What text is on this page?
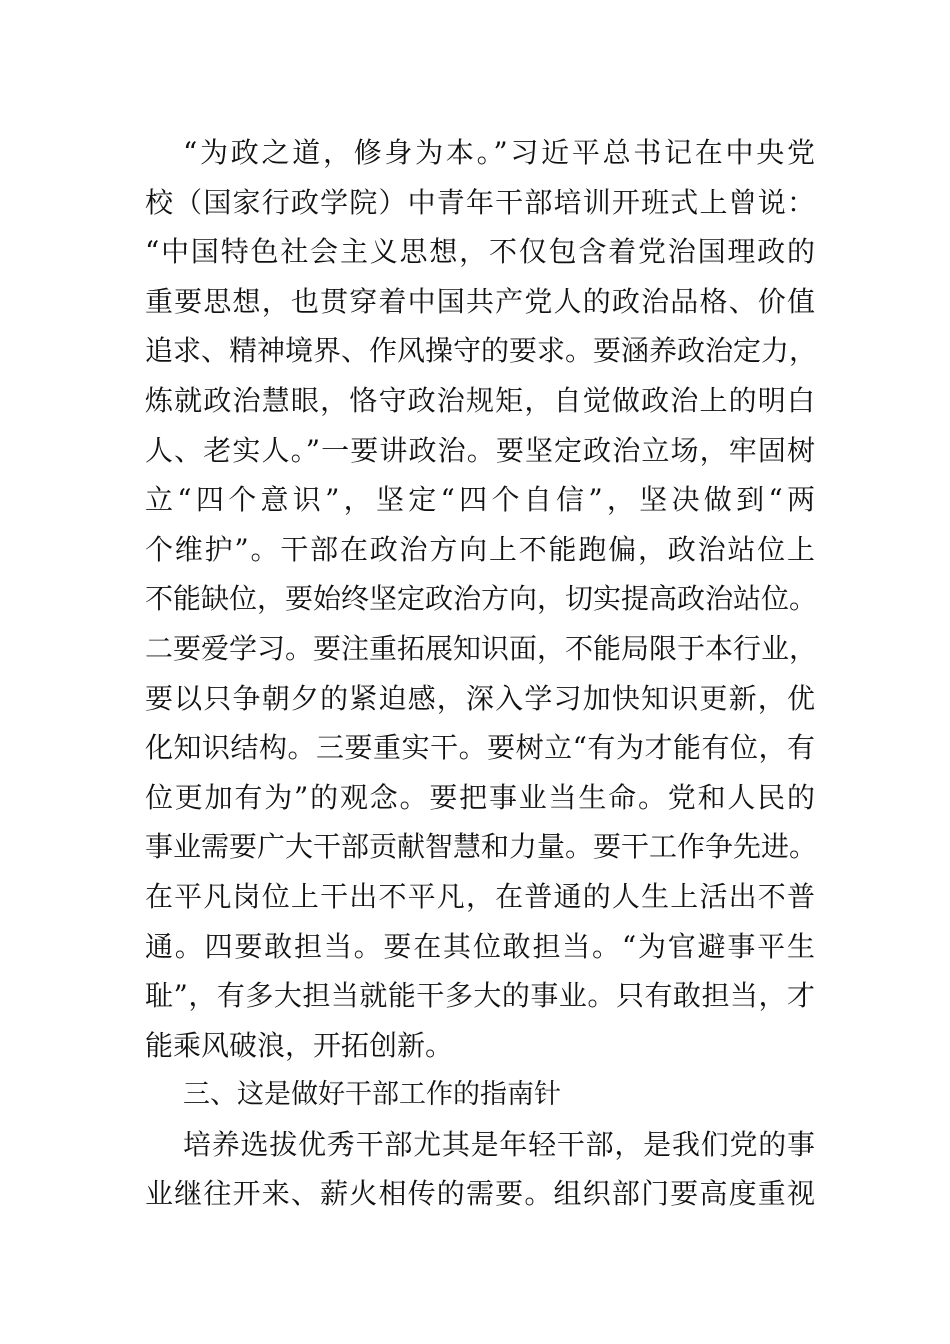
“为政之道，修身为本。”习近平总书记在中央党
校（国家行政学院）中青年干部培训开班式上曾说：
“中国特色社会主义思想，不仅包含着党治国理政的
重要思想，也贯穿着中国共产党人的政治品格、价值
追求、精神境界、作风操守的要求。要涵养政治定力，
炼就政治慧眼，恪守政治规矩，自觉做政治上的明白
人、老实人。”一要讲政治。要坚定政治立场，牢固树
立“四个意识”，坚定“四个自信”，坚决做到“两
个维护”。干部在政治方向上不能跑偏，政治站位上
不能缺位，要始终坚定政治方向，切实提高政治站位。
二要爱学习。要注重拓展知识面，不能局限于本行业，
要以只争朝夕的紧迫感，深入学习加快知识更新，优
化知识结构。三要重实干。要树立“有为才能有位，有
位更加有为”的观念。要把事业当生命。党和人民的
事业需要广大干部贡献智慧和力量。要干工作争先进。
在平凡岗位上干出不平凡，在普通的人生上活出不普
通。四要敢担当。要在其位敢担当。“为官避事平生
耻”，有多大担当就能干多大的事业。只有敢担当，才
能乘风破浪，开拓创新。
三、这是做好干部工作的指南针
培养选拔优秀干部尤其是年轻干部，是我们党的事
业继往开来、薪火相传的需要。组织部门要高度重视
